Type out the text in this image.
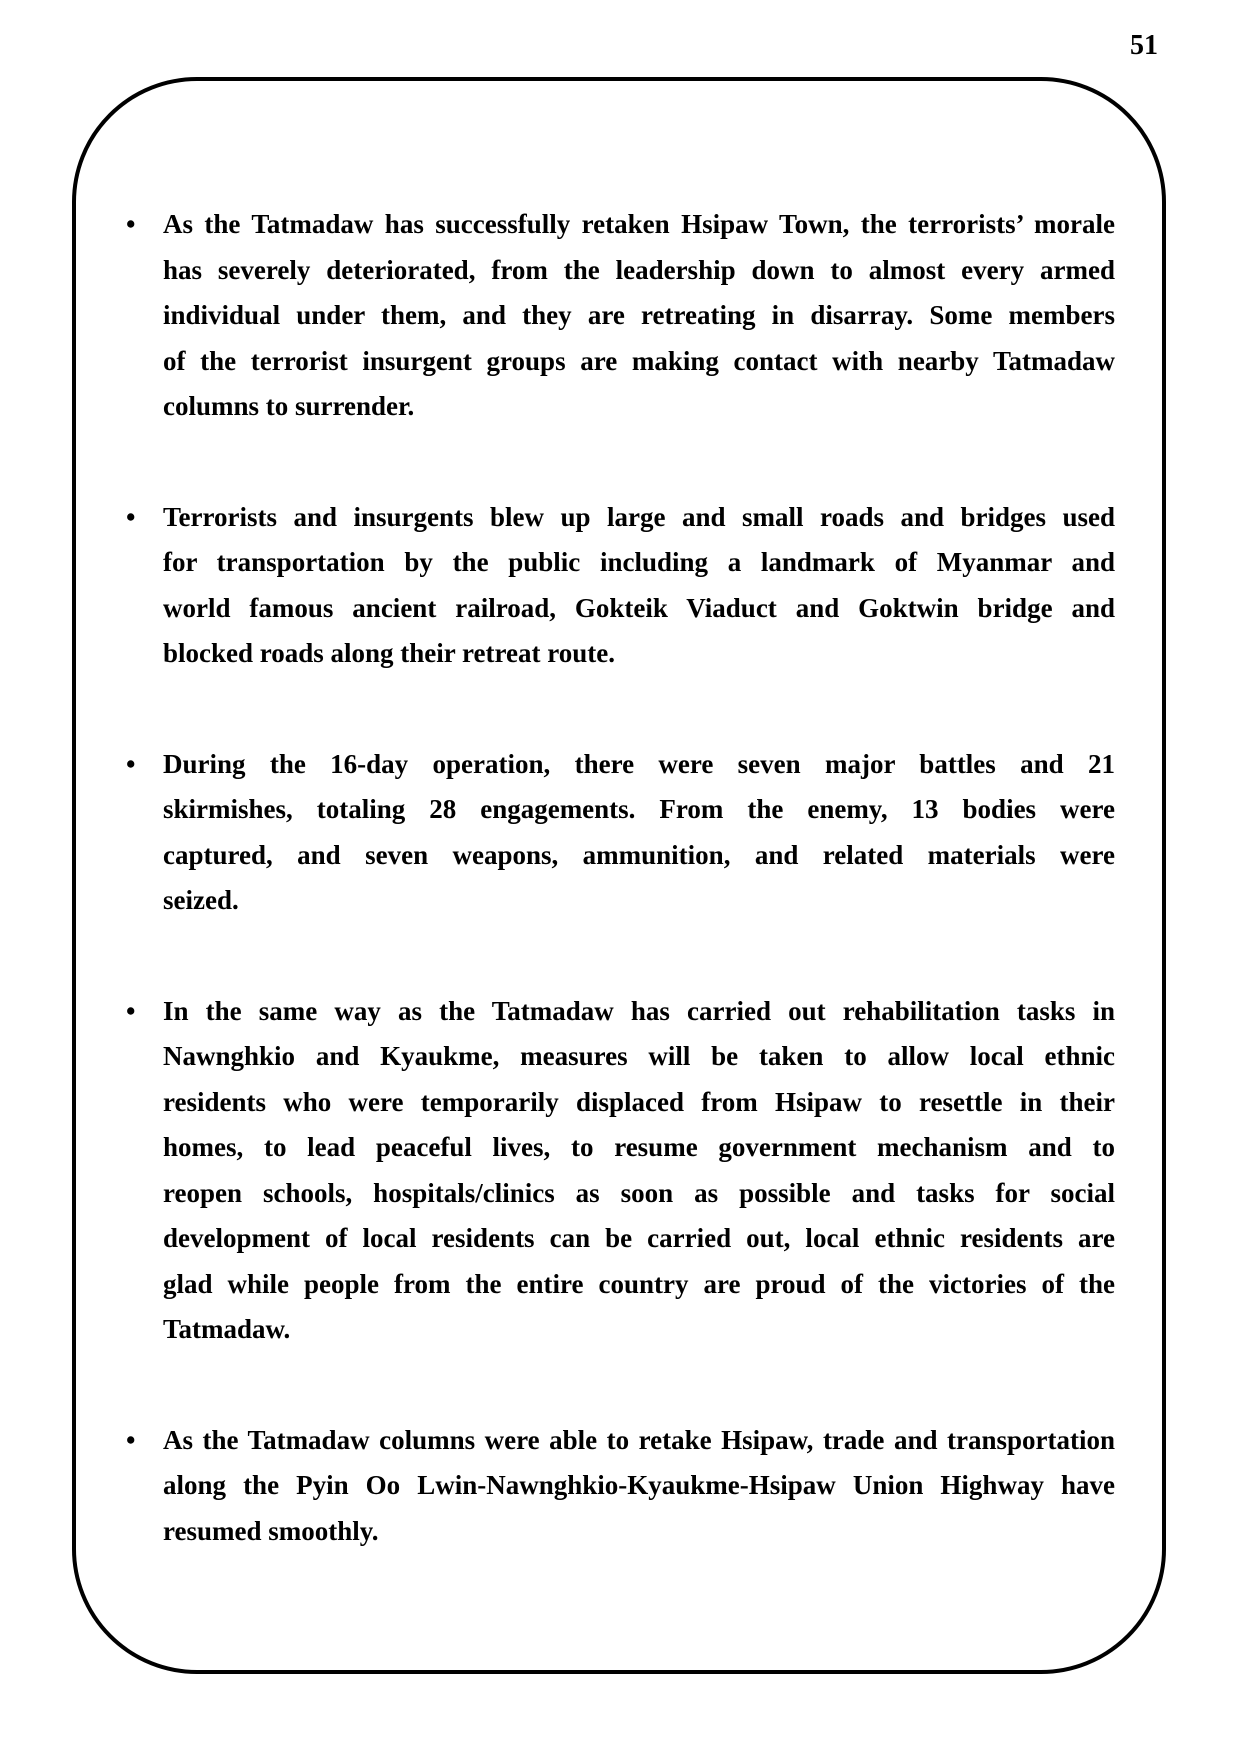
51
•	As the Tatmadaw has successfully retaken Hsipaw Town, the terrorists’ morale
has severely deteriorated, from the leadership down to almost every armed
individual under them, and they are retreating in disarray. Some members
of the terrorist insurgent groups are making contact with nearby Tatmadaw
columns to surrender.
•	Terrorists and insurgents blew up large and small roads and bridges used
for transportation by the public including a landmark of Myanmar and
world famous ancient railroad, Gokteik Viaduct and Goktwin bridge and
blocked roads along their retreat route.
•	During the 16-day operation, there were seven major battles and 21
skirmishes, totaling 28 engagements. From the enemy, 13 bodies were
captured, and seven weapons, ammunition, and related materials were
seized.
•	In the same way as the Tatmadaw has carried out rehabilitation tasks in
Nawnghkio and Kyaukme, measures will be taken to allow local ethnic
residents who were temporarily displaced from Hsipaw to resettle in their
homes, to lead peaceful lives, to resume government mechanism and to
reopen schools, hospitals/clinics as soon as possible and tasks for social
development of local residents can be carried out, local ethnic residents are
glad while people from the entire country are proud of the victories of the
Tatmadaw.
•	As the Tatmadaw columns were able to retake Hsipaw, trade and transportation
along the Pyin Oo Lwin-Nawnghkio-Kyaukme-Hsipaw Union Highway have
resumed smoothly.
